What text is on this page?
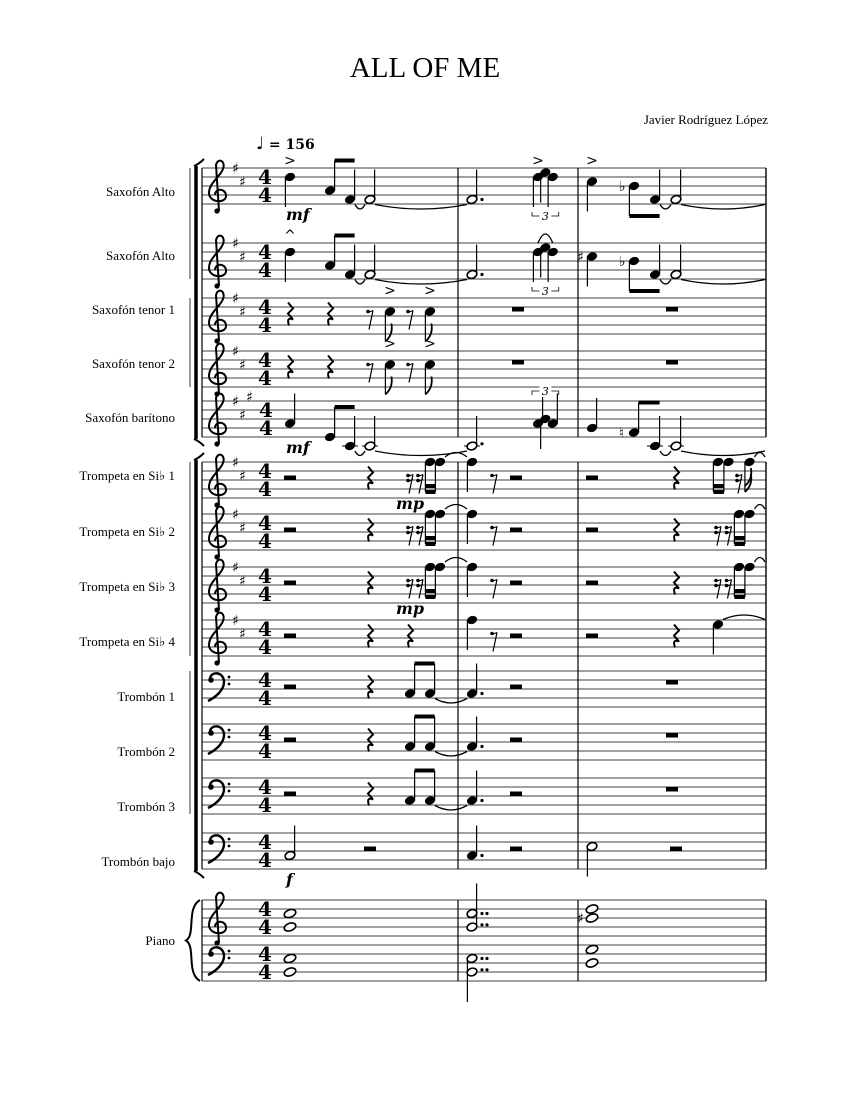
ALL OF ME
Javier Rodríguez López
♩ = 156
Saxofón Alto
Saxofón Alto
Saxofón tenor 1
Saxofón tenor 2
Saxofón barítono
Trompeta en Si♭ 1
Trompeta en Si♭ 2
Trompeta en Si♭ 3
Trompeta en Si♭ 4
Trombón 1
Trombón 2
Trombón 3
Trombón bajo
Piano
♯
♯ 4
4
>	>	>
♭
3
mf
♯
♯ 4
4
^
♯	♭
3
♯
♯ 4
4
> >
♯
♯ 4
4
> >
♯
♯
♯
4
4	♮
3
mf
♯
♯ 4
4
mp
♯
♯ 4
4
♯
♯ 4
4
mp
♯
♯ 4
4
4
4
4
4
4
4
4
4
f
4
4	♯
4
4
